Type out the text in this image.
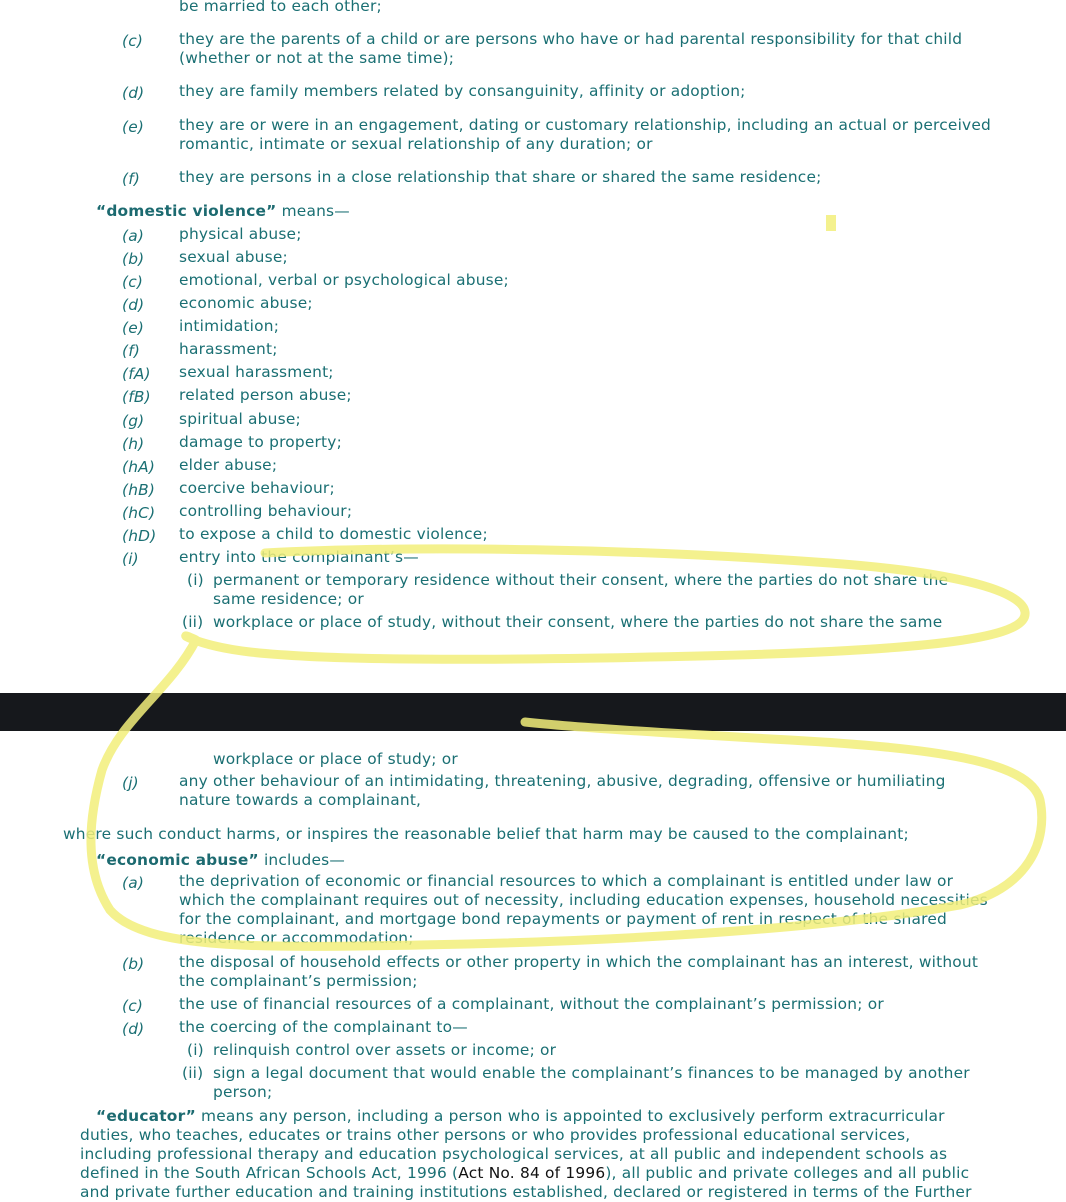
be married to each other;
(c) they are the parents of a child or are persons who have or had parental responsibility for that child
(whether or not at the same time);
(d) they are family members related by consanguinity, affinity or adoption;
(e) they are or were in an engagement, dating or customary relationship, including an actual or perceived
romantic, intimate or sexual relationship of any duration; or
(f)	they are persons in a close relationship that share or shared the same residence;
“domestic violence” means—
(a) physical abuse;
(b) sexual abuse;
(c) emotional, verbal or psychological abuse;
(d) economic abuse;
(e) intimidation;
(f)	harassment;
(fA) sexual harassment;
(fB) related person abuse;
(g) spiritual abuse;
(h) damage to property;
(hA) elder abuse;
(hB) coercive behaviour;
(hC) controlling behaviour;
(hD) to expose a child to domestic violence;
(i)	entry into the complainant’s—
(i) permanent or temporary residence without their consent, where the parties do not share the
same residence; or
(ii) workplace or place of study, without their consent, where the parties do not share the same
workplace or place of study; or
(j)	any other behaviour of an intimidating, threatening, abusive, degrading, offensive or humiliating
nature towards a complainant,
where such conduct harms, or inspires the reasonable belief that harm may be caused to the complainant;
“economic abuse” includes—
(a) the deprivation of economic or financial resources to which a complainant is entitled under law or
which the complainant requires out of necessity, including education expenses, household necessities
for the complainant, and mortgage bond repayments or payment of rent in respect of the shared
residence or accommodation;
(b) the disposal of household effects or other property in which the complainant has an interest, without
the complainant’s permission;
(c) the use of financial resources of a complainant, without the complainant’s permission; or
(d) the coercing of the complainant to—
(i) relinquish control over assets or income; or
(ii) sign a legal document that would enable the complainant’s finances to be managed by another
person;
“educator” means any person, including a person who is appointed to exclusively perform extracurricular
duties, who teaches, educates or trains other persons or who provides professional educational services,
including professional therapy and education psychological services, at all public and independent schools as
defined in the South African Schools Act, 1996 (Act No. 84 of 1996), all public and private colleges and all public
and private further education and training institutions established, declared or registered in terms of the Further
